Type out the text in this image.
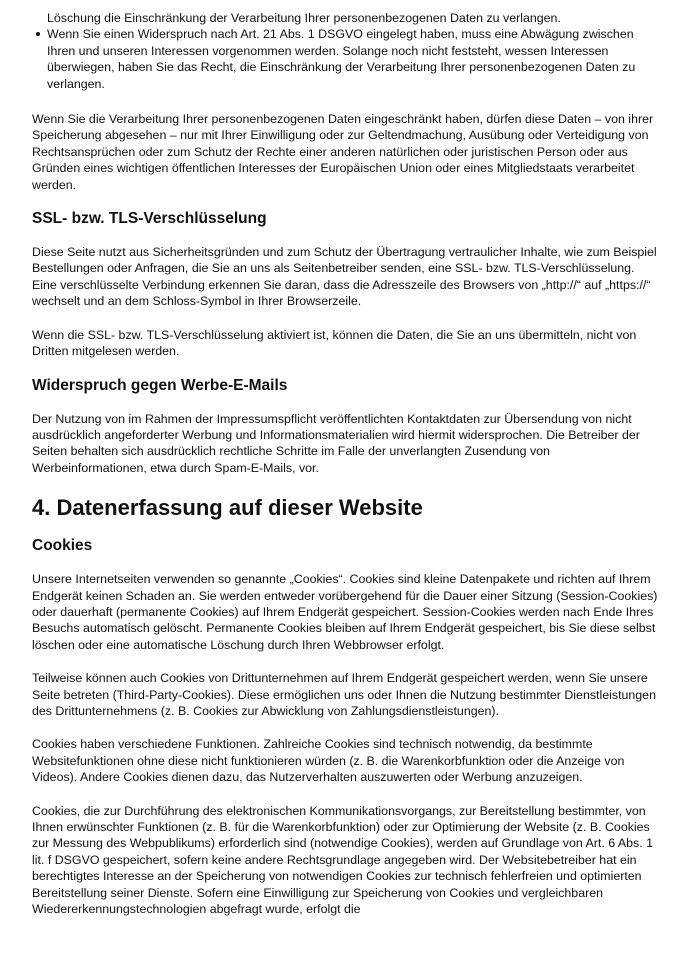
Löschung die Einschränkung der Verarbeitung Ihrer personenbezogenen Daten zu verlangen.
Wenn Sie einen Widerspruch nach Art. 21 Abs. 1 DSGVO eingelegt haben, muss eine Abwägung zwischen Ihren und unseren Interessen vorgenommen werden. Solange noch nicht feststeht, wessen Interessen überwiegen, haben Sie das Recht, die Einschränkung der Verarbeitung Ihrer personenbezogenen Daten zu verlangen.

Wenn Sie die Verarbeitung Ihrer personenbezogenen Daten eingeschränkt haben, dürfen diese Daten – von ihrer Speicherung abgesehen – nur mit Ihrer Einwilligung oder zur Geltendmachung, Ausübung oder Verteidigung von Rechtsansprüchen oder zum Schutz der Rechte einer anderen natürlichen oder juristischen Person oder aus Gründen eines wichtigen öffentlichen Interesses der Europäischen Union oder eines Mitgliedstaats verarbeitet werden.

SSL- bzw. TLS-Verschlüsselung

Diese Seite nutzt aus Sicherheitsgründen und zum Schutz der Übertragung vertraulicher Inhalte, wie zum Beispiel Bestellungen oder Anfragen, die Sie an uns als Seitenbetreiber senden, eine SSL- bzw. TLS-Verschlüsselung. Eine verschlüsselte Verbindung erkennen Sie daran, dass die Adresszeile des Browsers von „http://“ auf „https://“ wechselt und an dem Schloss-Symbol in Ihrer Browserzeile.

Wenn die SSL- bzw. TLS-Verschlüsselung aktiviert ist, können die Daten, die Sie an uns übermitteln, nicht von Dritten mitgelesen werden.

Widerspruch gegen Werbe-E-Mails

Der Nutzung von im Rahmen der Impressumspflicht veröffentlichten Kontaktdaten zur Übersendung von nicht ausdrücklich angeforderter Werbung und Informationsmaterialien wird hiermit widersprochen. Die Betreiber der Seiten behalten sich ausdrücklich rechtliche Schritte im Falle der unverlangten Zusendung von Werbeinformationen, etwa durch Spam-E-Mails, vor.

4. Datenerfassung auf dieser Website
Cookies

Unsere Internetseiten verwenden so genannte „Cookies“. Cookies sind kleine Datenpakete und richten auf Ihrem Endgerät keinen Schaden an. Sie werden entweder vorübergehend für die Dauer einer Sitzung (Session-Cookies) oder dauerhaft (permanente Cookies) auf Ihrem Endgerät gespeichert. Session-Cookies werden nach Ende Ihres Besuchs automatisch gelöscht. Permanente Cookies bleiben auf Ihrem Endgerät gespeichert, bis Sie diese selbst löschen oder eine automatische Löschung durch Ihren Webbrowser erfolgt.

Teilweise können auch Cookies von Drittunternehmen auf Ihrem Endgerät gespeichert werden, wenn Sie unsere Seite betreten (Third-Party-Cookies). Diese ermöglichen uns oder Ihnen die Nutzung bestimmter Dienstleistungen des Drittunternehmens (z. B. Cookies zur Abwicklung von Zahlungsdienstleistungen).

Cookies haben verschiedene Funktionen. Zahlreiche Cookies sind technisch notwendig, da bestimmte Websitefunktionen ohne diese nicht funktionieren würden (z. B. die Warenkorbfunktion oder die Anzeige von Videos). Andere Cookies dienen dazu, das Nutzerverhalten auszuwerten oder Werbung anzuzeigen.

Cookies, die zur Durchführung des elektronischen Kommunikationsvorgangs, zur Bereitstellung bestimmter, von Ihnen erwünschter Funktionen (z. B. für die Warenkorbfunktion) oder zur Optimierung der Website (z. B. Cookies zur Messung des Webpublikums) erforderlich sind (notwendige Cookies), werden auf Grundlage von Art. 6 Abs. 1 lit. f DSGVO gespeichert, sofern keine andere Rechtsgrundlage angegeben wird. Der Websitebetreiber hat ein berechtigtes Interesse an der Speicherung von notwendigen Cookies zur technisch fehlerfreien und optimierten Bereitstellung seiner Dienste. Sofern eine Einwilligung zur Speicherung von Cookies und vergleichbaren Wiedererkennungstechnologien abgefragt wurde, erfolgt die
